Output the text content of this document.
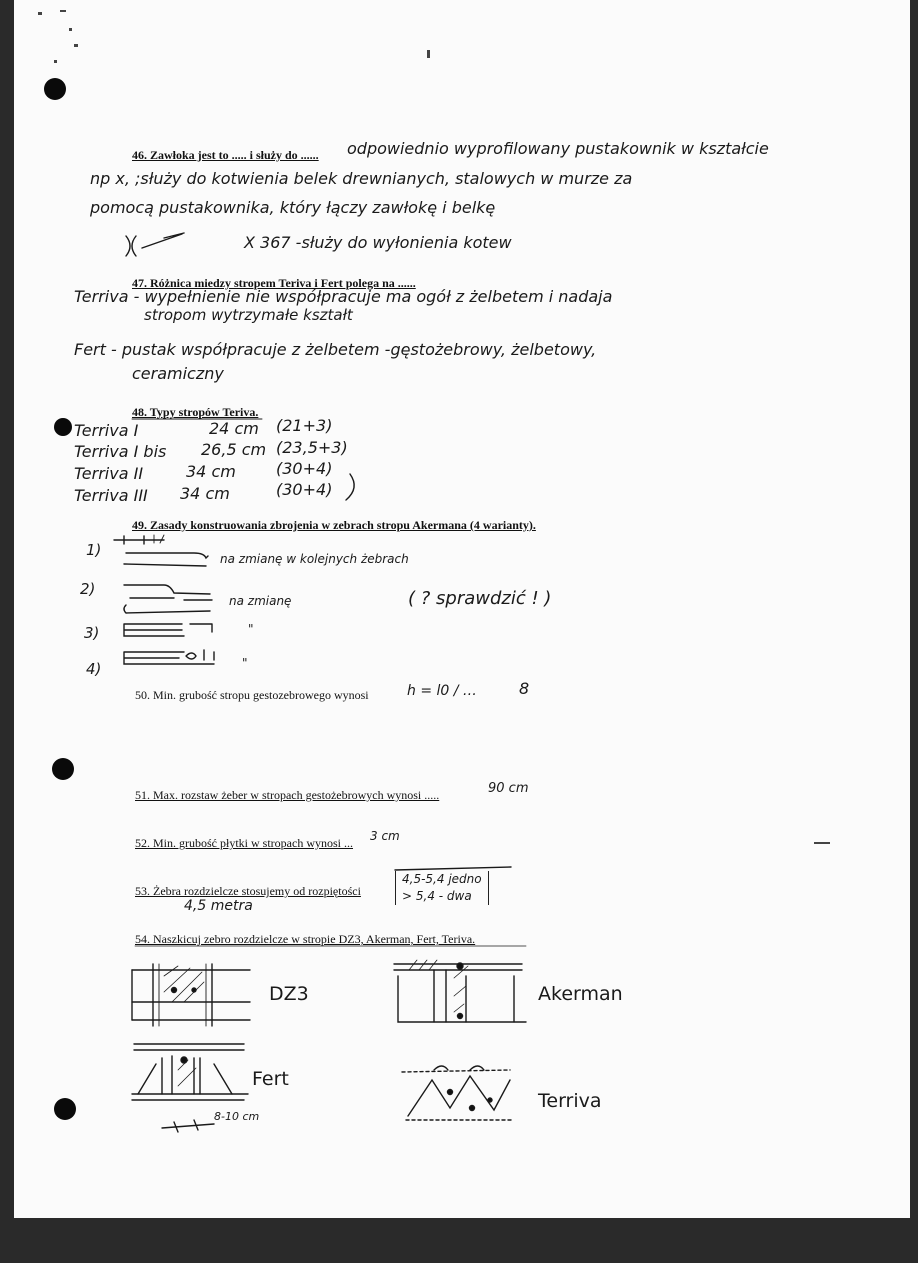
46. Zawłoka jest to ..... i służy do ...... odpowiednio wyprofilowany pustakownik w kształcie
np x, ;służy do kotwienia belek drewnianych, stalowych w murze za
pomocą pustakownika, który łączy zawłokę i belkę
X 367 -służy do wyłonienia kotew
47. Różnica miedzy stropem Teriva i Fert polega na ......
Terriva - wypełnienie nie współpracuje ma ogół z żelbetem i nadaja
stropom wytrzymałe kształt
Fert - pustak współpracuje z żelbetem -gęstożebrowy, żelbetowy,
ceramiczny
48. Typy stropów Teriva.
Terriva I	24 cm (21+3)
Terriva I bis 26,5 cm (23,5+3)
Terriva II	34 cm	(30+4)
Terriva III 34 cm	(30+4)
49. Zasady konstruowania zbrojenia w zebrach stropu Akermana (4 warianty).
1)	na zmianę w kolejnych żebrach
2)
na zmianę
3)	"
4)	"
( ? sprawdzić ! )
50. Min. grubość stropu gestozebrowego wynosi	h = l0 / …	8
51. Max. rozstaw żeber w stropach gestożebrowych wynosi .....	90 cm
52. Min. grubość płytki w stropach wynosi ... 3 cm
53. Żebra rozdzielcze stosujemy od rozpiętości
4,5-5,4 jedno
> 5,4 - dwa
4,5 metra
54. Naszkicuj zebro rozdzielcze w stropie DZ3, Akerman, Fert, Teriva.
DZ3	Akerman
Fert
Terriva
8-10 cm
